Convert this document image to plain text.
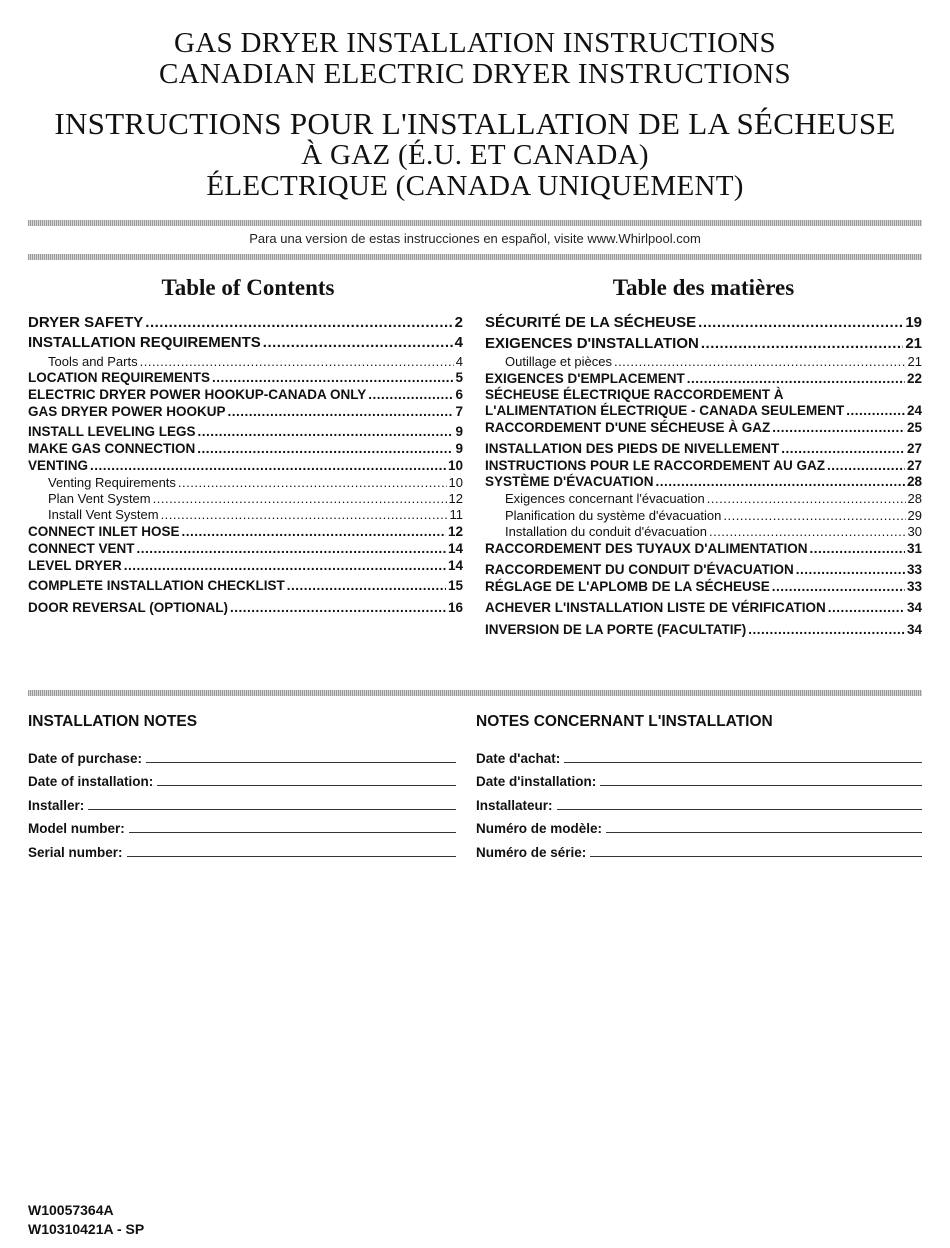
GAS DRYER INSTALLATION INSTRUCTIONS
CANADIAN ELECTRIC DRYER INSTRUCTIONS
INSTRUCTIONS POUR L'INSTALLATION DE LA SÉCHEUSE
À GAZ (É.U. ET CANADA)
ÉLECTRIQUE (CANADA UNIQUEMENT)
Para una version de estas instrucciones en español, visite www.Whirlpool.com
Table of Contents	Table des matières
DRYER SAFETY .....	2
INSTALLATION REQUIREMENTS .....	4
Tools and Parts .....	4
LOCATION REQUIREMENTS .....	5
ELECTRIC DRYER POWER HOOKUP-CANADA ONLY .....	6
GAS DRYER POWER HOOKUP .....	7
INSTALL LEVELING LEGS .....	9
MAKE GAS CONNECTION .....	9
VENTING .....	10
Venting Requirements .....	10
Plan Vent System .....	12
Install Vent System .....	11
CONNECT INLET HOSE .....	12
CONNECT VENT .....	14
LEVEL DRYER .....	14
COMPLETE INSTALLATION CHECKLIST .....	15
DOOR REVERSAL (OPTIONAL) .....	16
SÉCURITÉ DE LA SÉCHEUSE .....	19
EXIGENCES D'INSTALLATION .....	21
Outillage et pièces .....	21
EXIGENCES D'EMPLACEMENT .....	22
SÉCHEUSE ÉLECTRIQUE RACCORDEMENT À
L'ALIMENTATION ÉLECTRIQUE - CANADA SEULEMENT .....	24
RACCORDEMENT D'UNE SÉCHEUSE À GAZ .....	25
INSTALLATION DES PIEDS DE NIVELLEMENT .....	27
INSTRUCTIONS POUR LE RACCORDEMENT AU GAZ .....	27
SYSTÈME D'ÉVACUATION .....	28
Exigences concernant l'évacuation .....	28
Planification du système d'évacuation .....	29
Installation du conduit d'évacuation .....	30
RACCORDEMENT DES TUYAUX D'ALIMENTATION .....	31
RACCORDEMENT DU CONDUIT D'ÉVACUATION .....	33
RÉGLAGE DE L'APLOMB DE LA SÉCHEUSE .....	33
ACHEVER L'INSTALLATION LISTE DE VÉRIFICATION .....	34
INVERSION DE LA PORTE (FACULTATIF) .....	34
INSTALLATION NOTES	NOTES CONCERNANT L'INSTALLATION
Date of purchase:
Date of installation:
Installer:
Model number:
Serial number:
Date d'achat:
Date d'installation:
Installateur:
Numéro de modèle:
Numéro de série:
W10057364A
W10310421A - SP
